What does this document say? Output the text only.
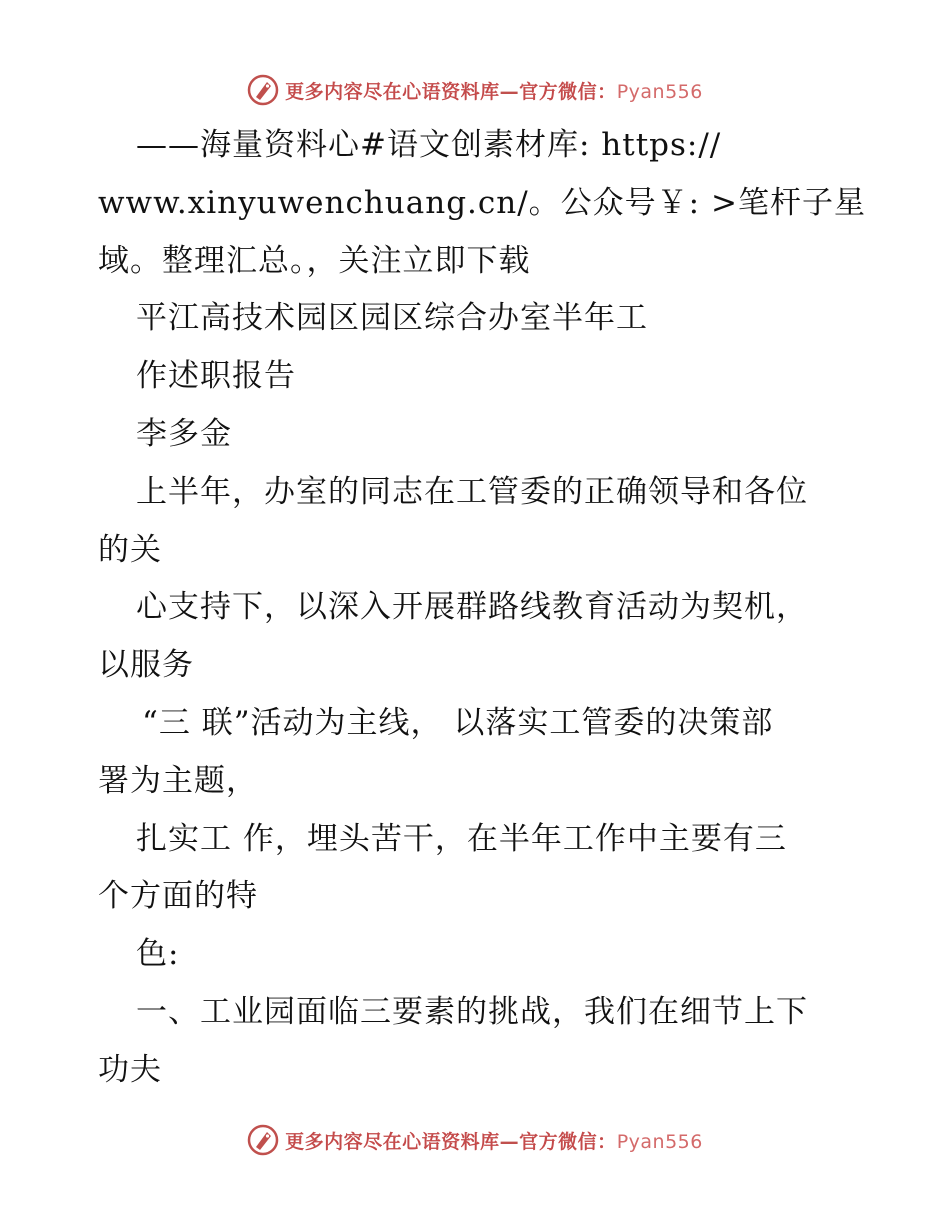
更多内容尽在心语资料库—官方微信：Pyan556
——海量资料心#语文创素材库: https://
www.xinyuwenchuang.cn/。公众号￥: >笔杆子星
域。整理汇总。，关注立即下载
平江高技术园区园区综合办室半年工
作述职报告
李多金
上半年，办室的同志在工管委的正确领导和各位
的关
心支持下，以深入开展群路线教育活动为契机，
以服务
“三 联”活动为主线， 以落实工管委的决策部
署为主题，
扎实工 作，埋头苦干，在半年工作中主要有三
个方面的特
色:
一、工业园面临三要素的挑战，我们在细节上下
功夫
更多内容尽在心语资料库—官方微信：Pyan556
